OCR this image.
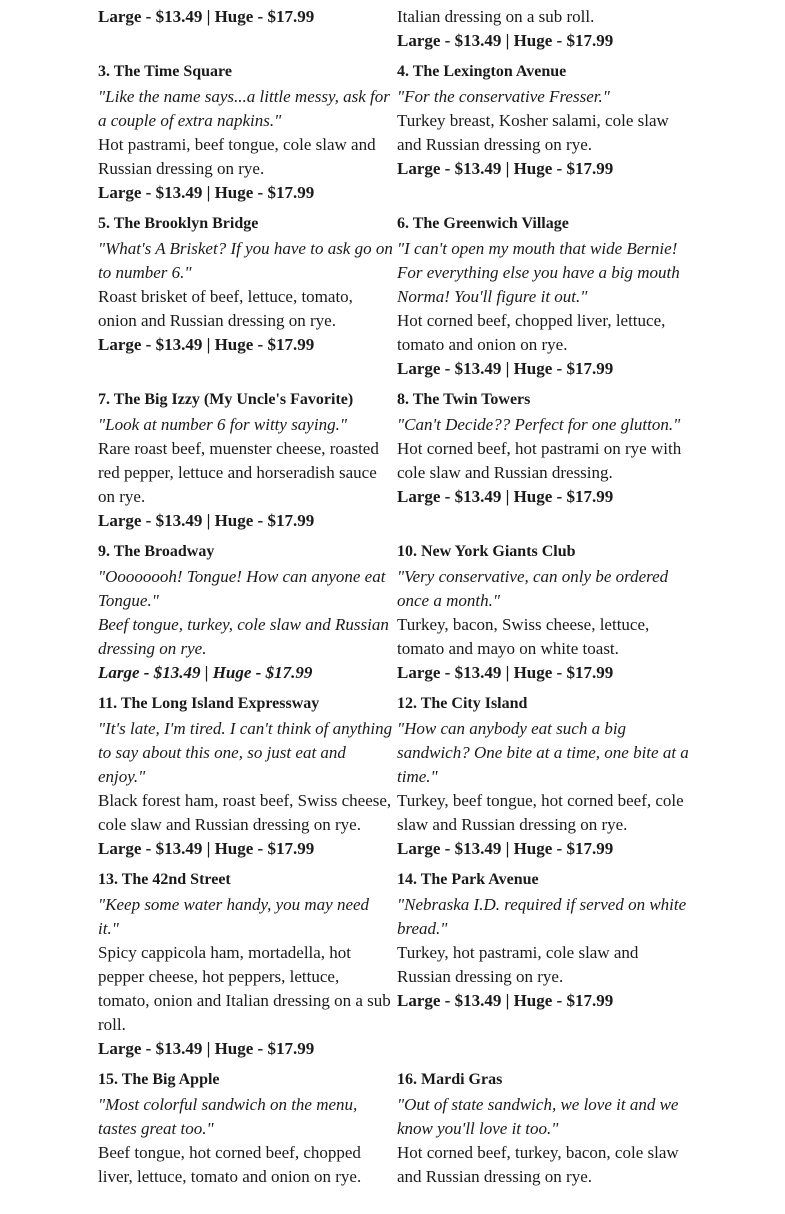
Large - $13.49 | Huge - $17.99	Italian dressing on a sub roll.
Large - $13.49 | Huge - $17.99
3. The Time Square
"Like the name says...a little messy, ask for a couple of extra napkins."
Hot pastrami, beef tongue, cole slaw and Russian dressing on rye.
Large - $13.49 | Huge - $17.99
4. The Lexington Avenue
"For the conservative Fresser."
Turkey breast, Kosher salami, cole slaw and Russian dressing on rye.
Large - $13.49 | Huge - $17.99
5. The Brooklyn Bridge
"What's A Brisket? If you have to ask go on to number 6."
Roast brisket of beef, lettuce, tomato, onion and Russian dressing on rye.
Large - $13.49 | Huge - $17.99
6. The Greenwich Village
"I can't open my mouth that wide Bernie! For everything else you have a big mouth Norma! You'll figure it out."
Hot corned beef, chopped liver, lettuce, tomato and onion on rye.
Large - $13.49 | Huge - $17.99
7. The Big Izzy (My Uncle's Favorite)
"Look at number 6 for witty saying."
Rare roast beef, muenster cheese, roasted red pepper, lettuce and horseradish sauce on rye.
Large - $13.49 | Huge - $17.99
8. The Twin Towers
"Can't Decide?? Perfect for one glutton."
Hot corned beef, hot pastrami on rye with cole slaw and Russian dressing.
Large - $13.49 | Huge - $17.99
9. The Broadway
"Oooooooh! Tongue! How can anyone eat Tongue."
Beef tongue, turkey, cole slaw and Russian dressing on rye.
Large - $13.49 | Huge - $17.99
10. New York Giants Club
"Very conservative, can only be ordered once a month."
Turkey, bacon, Swiss cheese, lettuce, tomato and mayo on white toast.
Large - $13.49 | Huge - $17.99
11. The Long Island Expressway
"It's late, I'm tired. I can't think of anything to say about this one, so just eat and enjoy."
Black forest ham, roast beef, Swiss cheese, cole slaw and Russian dressing on rye.
Large - $13.49 | Huge - $17.99
12. The City Island
"How can anybody eat such a big sandwich? One bite at a time, one bite at a time."
Turkey, beef tongue, hot corned beef, cole slaw and Russian dressing on rye.
Large - $13.49 | Huge - $17.99
13. The 42nd Street
"Keep some water handy, you may need it."
Spicy cappicola ham, mortadella, hot pepper cheese, hot peppers, lettuce, tomato, onion and Italian dressing on a sub roll.
Large - $13.49 | Huge - $17.99
14. The Park Avenue
"Nebraska I.D. required if served on white bread."
Turkey, hot pastrami, cole slaw and Russian dressing on rye.
Large - $13.49 | Huge - $17.99
15. The Big Apple
"Most colorful sandwich on the menu, tastes great too."
Beef tongue, hot corned beef, chopped liver, lettuce, tomato and onion on rye.
16. Mardi Gras
"Out of state sandwich, we love it and we know you'll love it too."
Hot corned beef, turkey, bacon, cole slaw and Russian dressing on rye.
